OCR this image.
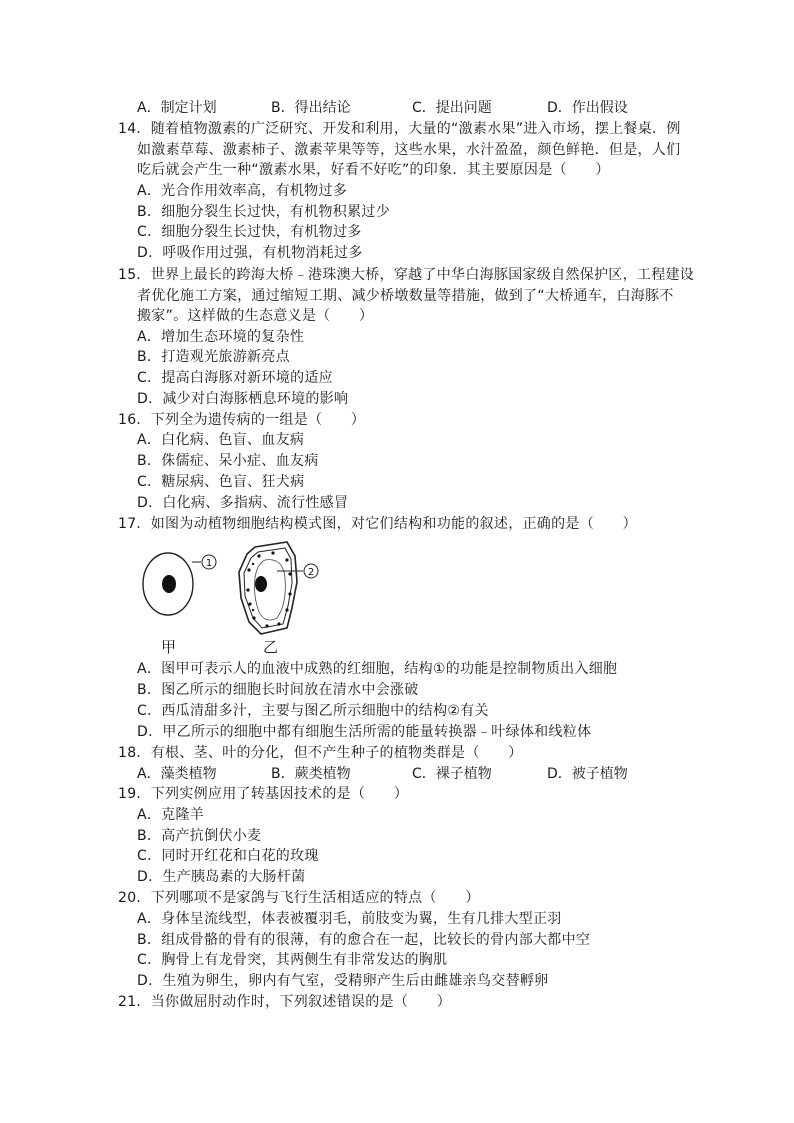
A．制定计划	B．得出结论	C．提出问题	D．作出假设
14．随着植物激素的广泛研究、开发和利用，大量的“激素水果”进入市场，摆上餐桌．例
如激素草莓、激素柿子、激素苹果等等，这些水果，水汁盈盈，颜色鲜艳．但是，人们
吃后就会产生一种“激素水果，好看不好吃”的印象．其主要原因是（　　）
A．光合作用效率高，有机物过多
B．细胞分裂生长过快，有机物积累过少
C．细胞分裂生长过快，有机物过多
D．呼吸作用过强，有机物消耗过多
15．世界上最长的跨海大桥﹣港珠澳大桥，穿越了中华白海豚国家级自然保护区，工程建设
者优化施工方案，通过缩短工期、减少桥墩数量等措施，做到了“大桥通车，白海豚不
搬家”。这样做的生态意义是（　　）
A．增加生态环境的复杂性
B．打造观光旅游新亮点
C．提高白海豚对新环境的适应
D．减少对白海豚栖息环境的影响
16．下列全为遗传病的一组是（　　）
A．白化病、色盲、血友病
B．侏儒症、呆小症、血友病
C．糖尿病、色盲、狂犬病
D．白化病、多指病、流行性感冒
17．如图为动植物细胞结构模式图，对它们结构和功能的叙述，正确的是（　　）
1
2
甲	乙
A．图甲可表示人的血液中成熟的红细胞，结构①的功能是控制物质出入细胞
B．图乙所示的细胞长时间放在清水中会涨破
C．西瓜清甜多汁，主要与图乙所示细胞中的结构②有关
D．甲乙所示的细胞中都有细胞生活所需的能量转换器﹣叶绿体和线粒体
18．有根、茎、叶的分化，但不产生种子的植物类群是（　　）
A．藻类植物	B．蕨类植物	C．裸子植物	D．被子植物
19．下列实例应用了转基因技术的是（　　）
A．克隆羊
B．高产抗倒伏小麦
C．同时开红花和白花的玫瑰
D．生产胰岛素的大肠杆菌
20．下列哪项不是家鸽与飞行生活相适应的特点（　　）
A．身体呈流线型，体表被覆羽毛，前肢变为翼，生有几排大型正羽
B．组成骨骼的骨有的很薄，有的愈合在一起，比较长的骨内部大都中空
C．胸骨上有龙骨突，其两侧生有非常发达的胸肌
D．生殖为卵生，卵内有气室，受精卵产生后由雌雄亲鸟交替孵卵
21．当你做屈肘动作时，下列叙述错误的是（　　）
